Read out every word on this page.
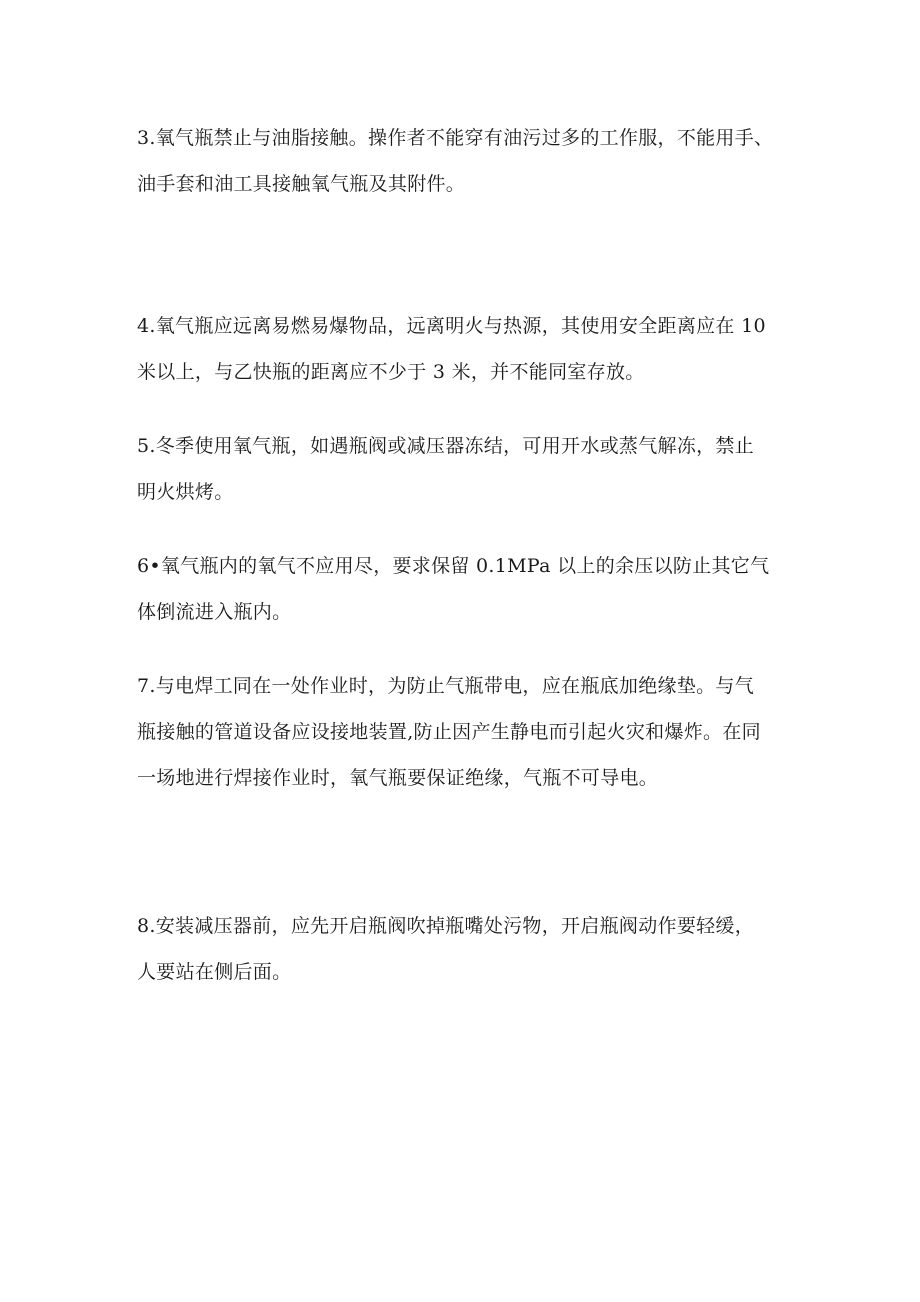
3.氧气瓶禁止与油脂接触。操作者不能穿有油污过多的工作服，不能用手、
油手套和油工具接触氧气瓶及其附件。

4.氧气瓶应远离易燃易爆物品，远离明火与热源，其使用安全距离应在 10
米以上，与乙快瓶的距离应不少于 3 米，并不能同室存放。

5.冬季使用氧气瓶，如遇瓶阀或减压器冻结，可用开水或蒸气解冻，禁止
明火烘烤。

6•氧气瓶内的氧气不应用尽，要求保留 0.1MPa 以上的余压以防止其它气
体倒流进入瓶内。

7.与电焊工同在一处作业时，为防止气瓶带电，应在瓶底加绝缘垫。与气
瓶接触的管道设备应设接地装置,防止因产生静电而引起火灾和爆炸。在同
一场地进行焊接作业时，氧气瓶要保证绝缘，气瓶不可导电。

8.安装减压器前，应先开启瓶阀吹掉瓶嘴处污物，开启瓶阀动作要轻缓，
人要站在侧后面。
